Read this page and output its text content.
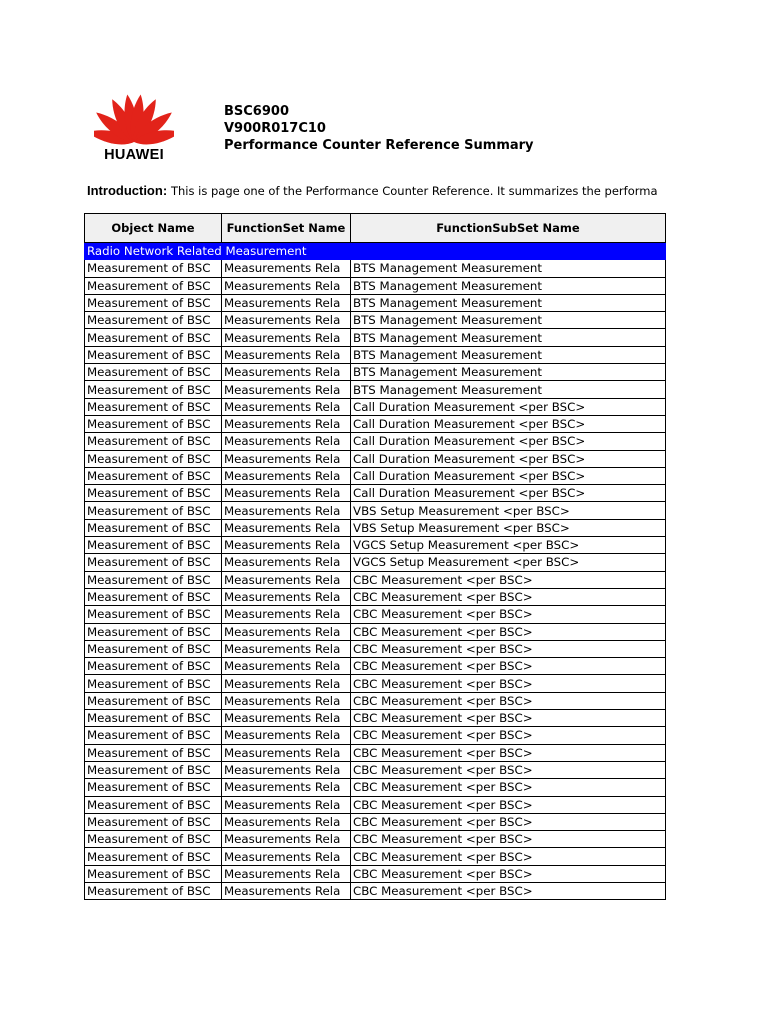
HUAWEI
BSC6900
V900R017C10
Performance Counter Reference Summary
Introduction: This is page one of the Performance Counter Reference. It summarizes the performa
Object Name	FunctionSet Name	FunctionSubSet Name

Radio Network Related Measurement		

Measurement of BSC	Measurements Rela	BTS Management Measurement
Measurement of BSC	Measurements Rela	BTS Management Measurement
Measurement of BSC	Measurements Rela	BTS Management Measurement
Measurement of BSC	Measurements Rela	BTS Management Measurement
Measurement of BSC	Measurements Rela	BTS Management Measurement
Measurement of BSC	Measurements Rela	BTS Management Measurement
Measurement of BSC	Measurements Rela	BTS Management Measurement
Measurement of BSC	Measurements Rela	BTS Management Measurement
Measurement of BSC	Measurements Rela	Call Duration Measurement <per BSC>
Measurement of BSC	Measurements Rela	Call Duration Measurement <per BSC>
Measurement of BSC	Measurements Rela	Call Duration Measurement <per BSC>
Measurement of BSC	Measurements Rela	Call Duration Measurement <per BSC>
Measurement of BSC	Measurements Rela	Call Duration Measurement <per BSC>
Measurement of BSC	Measurements Rela	Call Duration Measurement <per BSC>
Measurement of BSC	Measurements Rela	VBS Setup Measurement <per BSC>
Measurement of BSC	Measurements Rela	VBS Setup Measurement <per BSC>
Measurement of BSC	Measurements Rela	VGCS Setup Measurement <per BSC>
Measurement of BSC	Measurements Rela	VGCS Setup Measurement <per BSC>
Measurement of BSC	Measurements Rela	CBC Measurement <per BSC>
Measurement of BSC	Measurements Rela	CBC Measurement <per BSC>
Measurement of BSC	Measurements Rela	CBC Measurement <per BSC>
Measurement of BSC	Measurements Rela	CBC Measurement <per BSC>
Measurement of BSC	Measurements Rela	CBC Measurement <per BSC>
Measurement of BSC	Measurements Rela	CBC Measurement <per BSC>
Measurement of BSC	Measurements Rela	CBC Measurement <per BSC>
Measurement of BSC	Measurements Rela	CBC Measurement <per BSC>
Measurement of BSC	Measurements Rela	CBC Measurement <per BSC>
Measurement of BSC	Measurements Rela	CBC Measurement <per BSC>
Measurement of BSC	Measurements Rela	CBC Measurement <per BSC>
Measurement of BSC	Measurements Rela	CBC Measurement <per BSC>
Measurement of BSC	Measurements Rela	CBC Measurement <per BSC>
Measurement of BSC	Measurements Rela	CBC Measurement <per BSC>
Measurement of BSC	Measurements Rela	CBC Measurement <per BSC>
Measurement of BSC	Measurements Rela	CBC Measurement <per BSC>
Measurement of BSC	Measurements Rela	CBC Measurement <per BSC>
Measurement of BSC	Measurements Rela	CBC Measurement <per BSC>
Measurement of BSC	Measurements Rela	CBC Measurement <per BSC>
